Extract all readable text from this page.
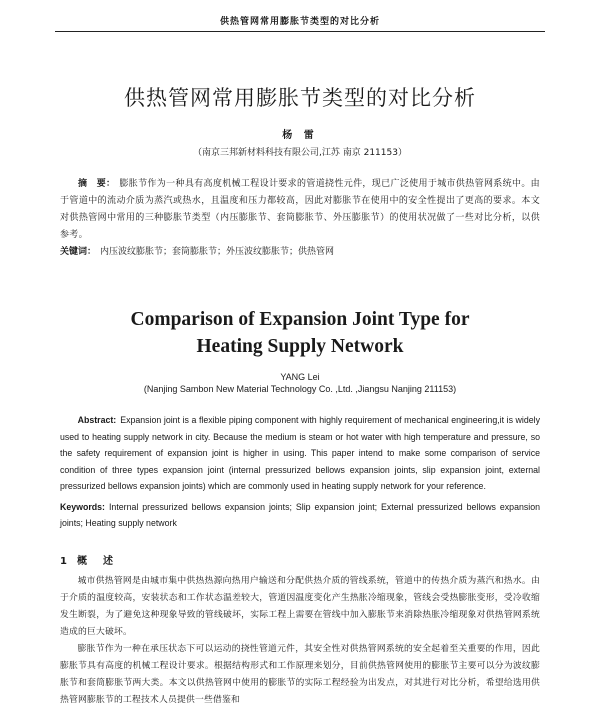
供热管网常用膨胀节类型的对比分析
供热管网常用膨胀节类型的对比分析
杨 雷
（南京三邦新材料科技有限公司,江苏 南京 211153）
摘　要： 膨胀节作为一种具有高度机械工程设计要求的管道挠性元件，现已广泛使用于城市供热管网系统中。由于管道中的流动介质为蒸汽或热水，且温度和压力都较高，因此对膨胀节在使用中的安全性提出了更高的要求。本文对供热管网中常用的三种膨胀节类型（内压膨胀节、套筒膨胀节、外压膨胀节）的使用状况做了一些对比分析，以供参考。
关键词： 内压波纹膨胀节；套筒膨胀节；外压波纹膨胀节；供热管网
Comparison of Expansion Joint Type for
Heating Supply Network
YANG Lei
(Nanjing Sambon New Material Technology Co. ,Ltd. ,Jiangsu Nanjing 211153)
Abstract: Expansion joint is a flexible piping component with highly requirement of mechanical engineering,it is widely used to heating supply network in city. Because the medium is steam or hot water with high temperature and pressure, so the safety requirement of expansion joint is higher in using. This paper intend to make some comparison of service condition of three types expansion joint (internal pressurized bellows expansion joints, slip expansion joint, external pressurized bellows expansion joints) which are commonly used in heating supply network for your reference.
Keywords: Internal pressurized bellows expansion joints; Slip expansion joint; External pressurized bellows expansion joints; Heating supply network
1 概　述
城市供热管网是由城市集中供热热源向热用户输送和分配供热介质的管线系统，管道中的传热介质为蒸汽和热水。由于介质的温度较高，安装状态和工作状态温差较大，管道因温度变化产生热胀冷缩现象，管线会受热膨胀变形，受冷收缩发生断裂，为了避免这种现象导致的管线破坏，实际工程上需要在管线中加入膨胀节来消除热胀冷缩现象对供热管网系统造成的巨大破坏。
膨胀节作为一种在承压状态下可以运动的挠性管道元件，其安全性对供热管网系统的安全起着至关重要的作用，因此膨胀节具有高度的机械工程设计要求。根据结构形式和工作原理来划分，目前供热管网使用的膨胀节主要可以分为波纹膨胀节和套筒膨胀节两大类。本文以供热管网中使用的膨胀节的实际工程经验为出发点，对其进行对比分析，希望给选用供热管网膨胀节的工程技术人员提供一些借鉴和
